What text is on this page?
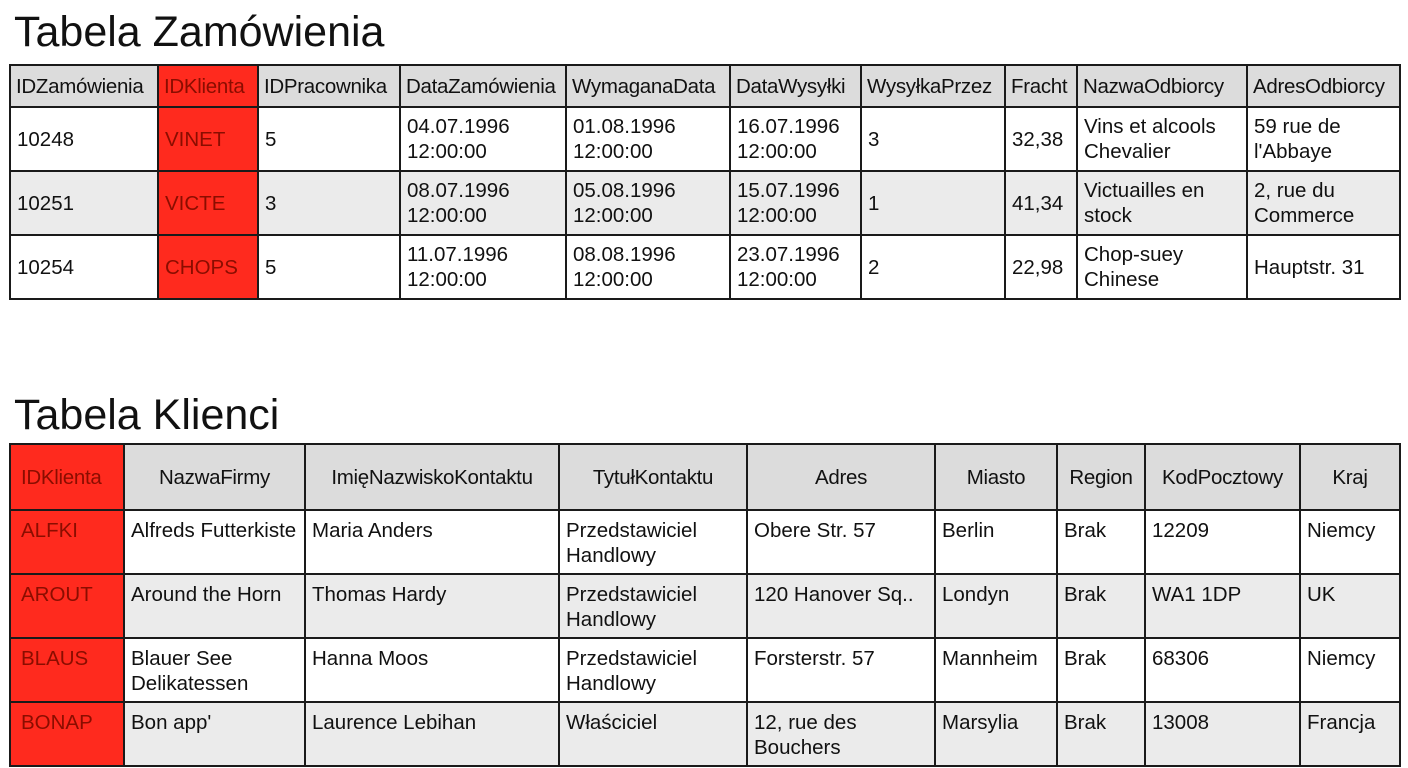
Tabela Zamówienia
IDZamówienia	IDKlienta	IDPracownika	DataZamówienia	WymaganaData	DataWysyłki	WysyłkaPrzez	Fracht	NazwaOdbiorcy	AdresOdbiorcy
10248	VINET	5	04.07.1996 12:00:00	01.08.1996 12:00:00	16.07.1996 12:00:00	3	32,38	Vins et alcools Chevalier	59 rue de l'Abbaye
10251	VICTE	3	08.07.1996 12:00:00	05.08.1996 12:00:00	15.07.1996 12:00:00	1	41,34	Victuailles en stock	2, rue du Commerce
10254	CHOPS	5	11.07.1996 12:00:00	08.08.1996 12:00:00	23.07.1996 12:00:00	2	22,98	Chop-suey Chinese	Hauptstr. 31
Tabela Klienci
IDKlienta	NazwaFirmy	ImięNazwiskoKontaktu	TytułKontaktu	Adres	Miasto	Region	KodPocztowy	Kraj
ALFKI	Alfreds Futterkiste	Maria Anders	Przedstawiciel Handlowy	Obere Str. 57	Berlin	Brak	12209	Niemcy
AROUT	Around the Horn	Thomas Hardy	Przedstawiciel Handlowy	120 Hanover Sq..	Londyn	Brak	WA1 1DP	UK
BLAUS	Blauer See Delikatessen	Hanna Moos	Przedstawiciel Handlowy	Forsterstr. 57	Mannheim	Brak	68306	Niemcy
BONAP	Bon app'	Laurence Lebihan	Właściciel	12, rue des Bouchers	Marsylia	Brak	13008	Francja
